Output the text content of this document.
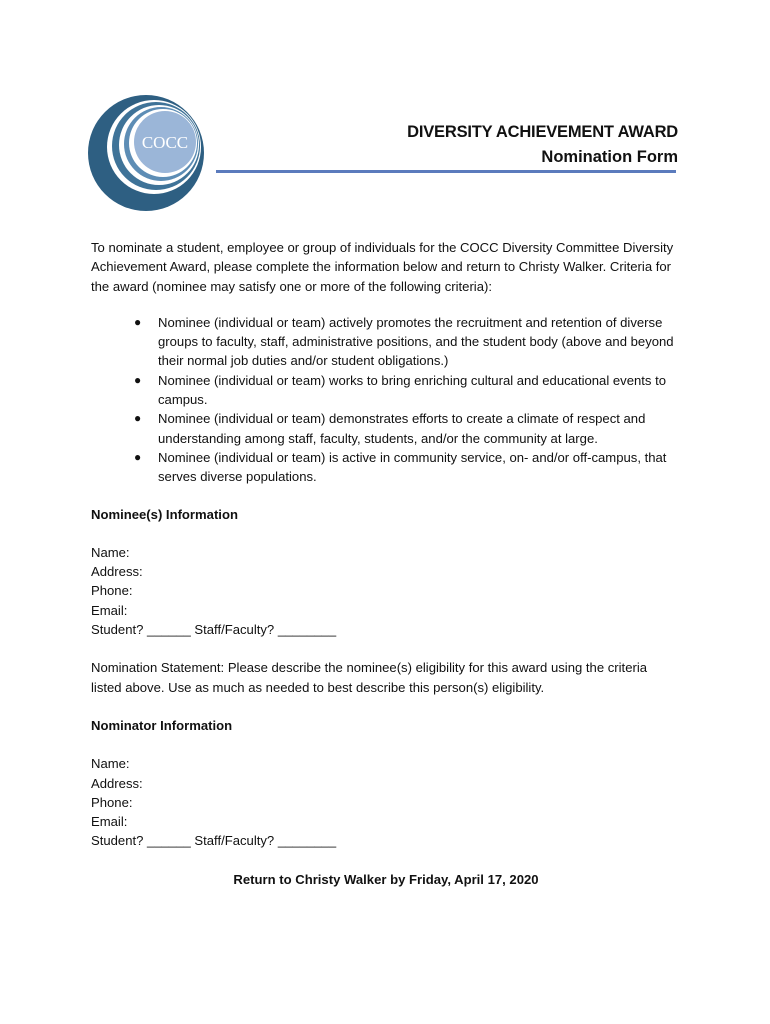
COCC
DIVERSITY ACHIEVEMENT AWARD
Nomination Form

To nominate a student, employee or group of individuals for the COCC Diversity Committee Diversity Achievement Award, please complete the information below and return to Christy Walker. Criteria for the award (nominee may satisfy one or more of the following criteria):

● Nominee (individual or team) actively promotes the recruitment and retention of diverse groups to faculty, staff, administrative positions, and the student body (above and beyond their normal job duties and/or student obligations.)
● Nominee (individual or team) works to bring enriching cultural and educational events to campus.
● Nominee (individual or team) demonstrates efforts to create a climate of respect and understanding among staff, faculty, students, and/or the community at large.
● Nominee (individual or team) is active in community service, on- and/or off-campus, that serves diverse populations.

Nominee(s) Information

Name:

Address:

Phone:

Email:

Student? ______ Staff/Faculty? ________

Nomination Statement: Please describe the nominee(s) eligibility for this award using the criteria listed above. Use as much as needed to best describe this person(s) eligibility.

Nominator Information

Name:

Address:

Phone:

Email:

Student? ______ Staff/Faculty? ________

Return to Christy Walker by Friday, April 17, 2020
